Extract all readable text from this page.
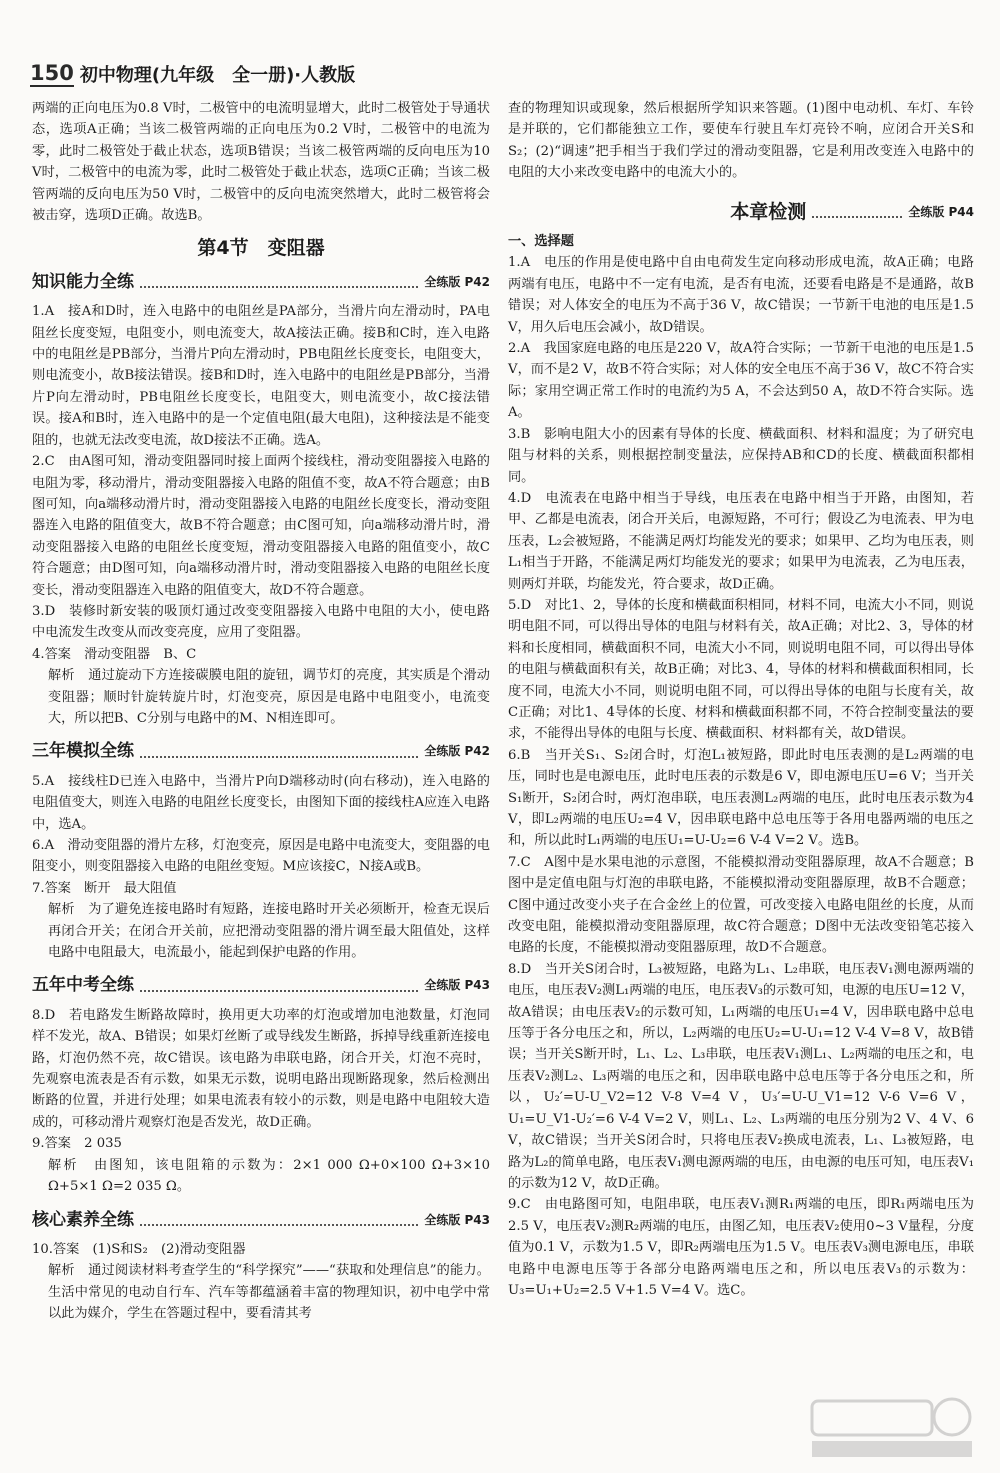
150 初中物理(九年级　全一册)·人教版

两端的正向电压为0.8 V时，二极管中的电流明显增大，此时二极管处于导通状态，选项A正确；当该二极管两端的正向电压为0.2 V时，二极管中的电流为零，此时二极管处于截止状态，选项B错误；当该二极管两端的反向电压为10 V时，二极管中的电流为零，此时二极管处于截止状态，选项C正确；当该二极管两端的反向电压为50 V时，二极管中的反向电流突然增大，此时二极管将会被击穿，选项D正确。故选B。

第4节　变阻器
知识能力全练	全练版 P42

1.A　接A和D时，连入电路中的电阻丝是PA部分，当滑片向左滑动时，PA电阻丝长度变短，电阻变小，则电流变大，故A接法正确。接B和C时，连入电路中的电阻丝是PB部分，当滑片P向左滑动时，PB电阻丝长度变长，电阻变大，则电流变小，故B接法错误。接B和D时，连入电路中的电阻丝是PB部分，当滑片P向左滑动时，PB电阻丝长度变长，电阻变大，则电流变小，故C接法错误。接A和B时，连入电路中的是一个定值电阻(最大电阻)，这种接法是不能变阻的，也就无法改变电流，故D接法不正确。选A。

2.C　由A图可知，滑动变阻器同时接上面两个接线柱，滑动变阻器接入电路的电阻为零，移动滑片，滑动变阻器接入电路的阻值不变，故A不符合题意；由B图可知，向a端移动滑片时，滑动变阻器接入电路的电阻丝长度变长，滑动变阻器连入电路的阻值变大，故B不符合题意；由C图可知，向a端移动滑片时，滑动变阻器接入电路的电阻丝长度变短，滑动变阻器接入电路的阻值变小，故C符合题意；由D图可知，向a端移动滑片时，滑动变阻器接入电路的电阻丝长度变长，滑动变阻器连入电路的阻值变大，故D不符合题意。

3.D　装修时新安装的吸顶灯通过改变变阻器接入电路中电阻的大小，使电路中电流发生改变从而改变亮度，应用了变阻器。

4.答案　滑动变阻器　B、C

解析　通过旋动下方连接碳膜电阻的旋钮，调节灯的亮度，其实质是个滑动变阻器；顺时针旋转旋片时，灯泡变亮，原因是电路中电阻变小，电流变大，所以把B、C分别与电路中的M、N相连即可。

三年模拟全练	全练版 P42

5.A　接线柱D已连入电路中，当滑片P向D端移动时(向右移动)，连入电路的电阻值变大，则连入电路的电阻丝长度变长，由图知下面的接线柱A应连入电路中，选A。

6.A　滑动变阻器的滑片左移，灯泡变亮，原因是电路中电流变大，变阻器的电阻变小，则变阻器接入电路的电阻丝变短。M应该接C，N接A或B。

7.答案　断开　最大阻值

解析　为了避免连接电路时有短路，连接电路时开关必须断开，检查无误后再闭合开关；在闭合开关前，应把滑动变阻器的滑片调至最大阻值处，这样电路中电阻最大，电流最小，能起到保护电路的作用。

五年中考全练	全练版 P43

8.D　若电路发生断路故障时，换用更大功率的灯泡或增加电池数量，灯泡同样不发光，故A、B错误；如果灯丝断了或导线发生断路，拆掉导线重新连接电路，灯泡仍然不亮，故C错误。该电路为串联电路，闭合开关，灯泡不亮时，先观察电流表是否有示数，如果无示数，说明电路出现断路现象，然后检测出断路的位置，并进行处理；如果电流表有较小的示数，则是电路中电阻较大造成的，可移动滑片观察灯泡是否发光，故D正确。

9.答案　2 035

解析　由图知，该电阻箱的示数为：2×1 000 Ω+0×100 Ω+3×10 Ω+5×1 Ω=2 035 Ω。

核心素养全练	全练版 P43

10.答案　(1)S和S₂　(2)滑动变阻器

解析　通过阅读材料考查学生的“科学探究”——“获取和处理信息”的能力。生活中常见的电动自行车、汽车等都蕴涵着丰富的物理知识，初中电学中常以此为媒介，学生在答题过程中，要看清其考

查的物理知识或现象，然后根据所学知识来答题。(1)图中电动机、车灯、车铃是并联的，它们都能独立工作，要使车行驶且车灯亮铃不响，应闭合开关S和S₂；(2)“调速”把手相当于我们学过的滑动变阻器，它是利用改变连入电路中的电阻的大小来改变电路中的电流大小的。

本章检测	全练版 P44

一、选择题

1.A　电压的作用是使电路中自由电荷发生定向移动形成电流，故A正确；电路两端有电压，电路中不一定有电流，是否有电流，还要看电路是不是通路，故B错误；对人体安全的电压为不高于36 V，故C错误；一节新干电池的电压是1.5 V，用久后电压会减小，故D错误。

2.A　我国家庭电路的电压是220 V，故A符合实际；一节新干电池的电压是1.5 V，而不是2 V，故B不符合实际；对人体的安全电压不高于36 V，故C不符合实际；家用空调正常工作时的电流约为5 A，不会达到50 A，故D不符合实际。选A。

3.B　影响电阻大小的因素有导体的长度、横截面积、材料和温度；为了研究电阻与材料的关系，则根据控制变量法，应保持AB和CD的长度、横截面积都相同。

4.D　电流表在电路中相当于导线，电压表在电路中相当于开路，由图知，若甲、乙都是电流表，闭合开关后，电源短路，不可行；假设乙为电流表、甲为电压表，L₂会被短路，不能满足两灯均能发光的要求；如果甲、乙均为电压表，则L₁相当于开路，不能满足两灯均能发光的要求；如果甲为电流表，乙为电压表，则两灯并联，均能发光，符合要求，故D正确。

5.D　对比1、2，导体的长度和横截面积相同，材料不同，电流大小不同，则说明电阻不同，可以得出导体的电阻与材料有关，故A正确；对比2、3，导体的材料和长度相同，横截面积不同，电流大小不同，则说明电阻不同，可以得出导体的电阻与横截面积有关，故B正确；对比3、4，导体的材料和横截面积相同，长度不同，电流大小不同，则说明电阻不同，可以得出导体的电阻与长度有关，故C正确；对比1、4导体的长度、材料和横截面积都不同，不符合控制变量法的要求，不能得出导体的电阻与长度、横截面积、材料都有关，故D错误。

6.B　当开关S₁、S₂闭合时，灯泡L₁被短路，即此时电压表测的是L₂两端的电压，同时也是电源电压，此时电压表的示数是6 V，即电源电压U=6 V；当开关S₁断开，S₂闭合时，两灯泡串联，电压表测L₂两端的电压，此时电压表示数为4 V，即L₂两端的电压U₂=4 V，因串联电路中总电压等于各用电器两端的电压之和，所以此时L₁两端的电压U₁=U-U₂=6 V-4 V=2 V。选B。

7.C　A图中是水果电池的示意图，不能模拟滑动变阻器原理，故A不合题意；B图中是定值电阻与灯泡的串联电路，不能模拟滑动变阻器原理，故B不合题意；C图中通过改变小夹子在合金丝上的位置，可改变接入电路电阻丝的长度，从而改变电阻，能模拟滑动变阻器原理，故C符合题意；D图中无法改变铅笔芯接入电路的长度，不能模拟滑动变阻器原理，故D不合题意。

8.D　当开关S闭合时，L₃被短路，电路为L₁、L₂串联，电压表V₁测电源两端的电压，电压表V₂测L₁两端的电压，电压表V₃的示数可知，电源的电压U=12 V，故A错误；由电压表V₂的示数可知，L₁两端的电压U₁=4 V，因串联电路中总电压等于各分电压之和，所以，L₂两端的电压U₂=U-U₁=12 V-4 V=8 V，故B错误；当开关S断开时，L₁、L₂、L₃串联，电压表V₁测L₁、L₂两端的电压之和，电压表V₂测L₂、L₃两端的电压之和，因串联电路中总电压等于各分电压之和，所以，U₂′=U-U_V2=12 V-8 V=4 V，U₃′=U-U_V1=12 V-6 V=6 V，U₁=U_V1-U₂′=6 V-4 V=2 V，则L₁、L₂、L₃两端的电压分别为2 V、4 V、6 V，故C错误；当开关S闭合时，只将电压表V₂换成电流表，L₁、L₃被短路，电路为L₂的简单电路，电压表V₁测电源两端的电压，由电源的电压可知，电压表V₁的示数为12 V，故D正确。

9.C　由电路图可知，电阻串联，电压表V₁测R₁两端的电压，即R₁两端电压为2.5 V，电压表V₂测R₂两端的电压，由图乙知，电压表V₂使用0~3 V量程，分度值为0.1 V，示数为1.5 V，即R₂两端电压为1.5 V。电压表V₃测电源电压，串联电路中电源电压等于各部分电路两端电压之和，所以电压表V₃的示数为：U₃=U₁+U₂=2.5 V+1.5 V=4 V。选C。
